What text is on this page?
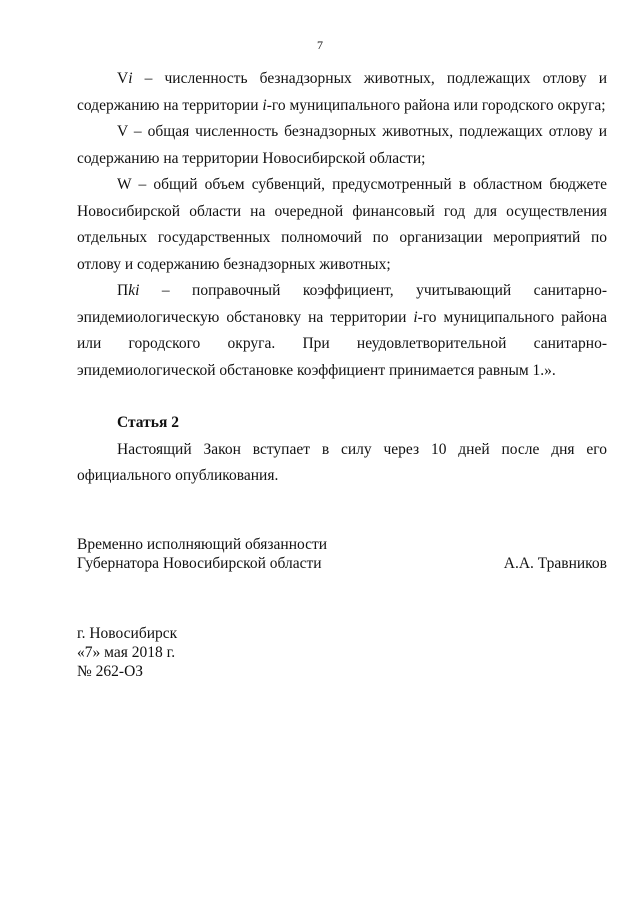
7

Vi – численность безнадзорных животных, подлежащих отлову и содержанию на территории i-го муниципального района или городского округа;

V – общая численность безнадзорных животных, подлежащих отлову и содержанию на территории Новосибирской области;

W – общий объем субвенций, предусмотренный в областном бюджете Новосибирской области на очередной финансовый год для осуществления отдельных государственных полномочий по организации мероприятий по отлову и содержанию безнадзорных животных;

Пki – поправочный коэффициент, учитывающий санитарно-эпидемиологическую обстановку на территории i-го муниципального района или городского округа. При неудовлетворительной санитарно-эпидемиологической обстановке коэффициент принимается равным 1.».

Статья 2

Настоящий Закон вступает в силу через 10 дней после дня его официального опубликования.

Временно исполняющий обязанности
Губернатора Новосибирской области	А.А. Травников
г. Новосибирск
«7» мая 2018 г.
№ 262-ОЗ
